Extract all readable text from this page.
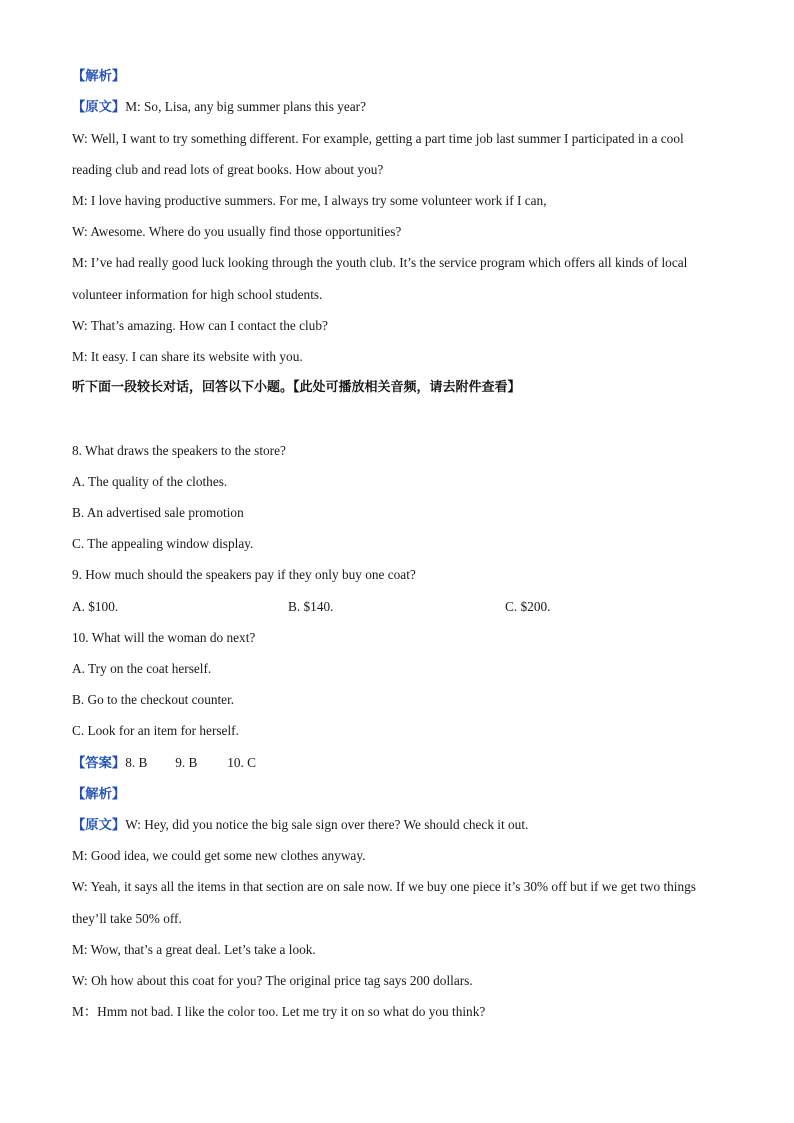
【解析】
【原文】M: So, Lisa, any big summer plans this year?
W: Well, I want to try something different. For example, getting a part time job last summer I participated in a cool
reading club and read lots of great books. How about you?
M: I love having productive summers. For me, I always try some volunteer work if I can,
W: Awesome. Where do you usually find those opportunities?
M: I’ve had really good luck looking through the youth club. It’s the service program which offers all kinds of local
volunteer information for high school students.
W: That’s amazing. How can I contact the club?
M: It easy. I can share its website with you.
听下面一段较长对话，回答以下小题。【此处可播放相关音频，请去附件查看】
8. What draws the speakers to the store?
A. The quality of the clothes.
B. An advertised sale promotion
C. The appealing window display.
9. How much should the speakers pay if they only buy one coat?
A. $100.	B. $140.	C. $200.
10. What will the woman do next?
A. Try on the coat herself.
B. Go to the checkout counter.
C. Look for an item for herself.
【答案】8. B 9. B 10. C
【解析】
【原文】W: Hey, did you notice the big sale sign over there? We should check it out.
M: Good idea, we could get some new clothes anyway.
W: Yeah, it says all the items in that section are on sale now. If we buy one piece it’s 30% off but if we get two things
they’ll take 50% off.
M: Wow, that’s a great deal. Let’s take a look.
W: Oh how about this coat for you? The original price tag says 200 dollars.
M：Hmm not bad. I like the color too. Let me try it on so what do you think?
